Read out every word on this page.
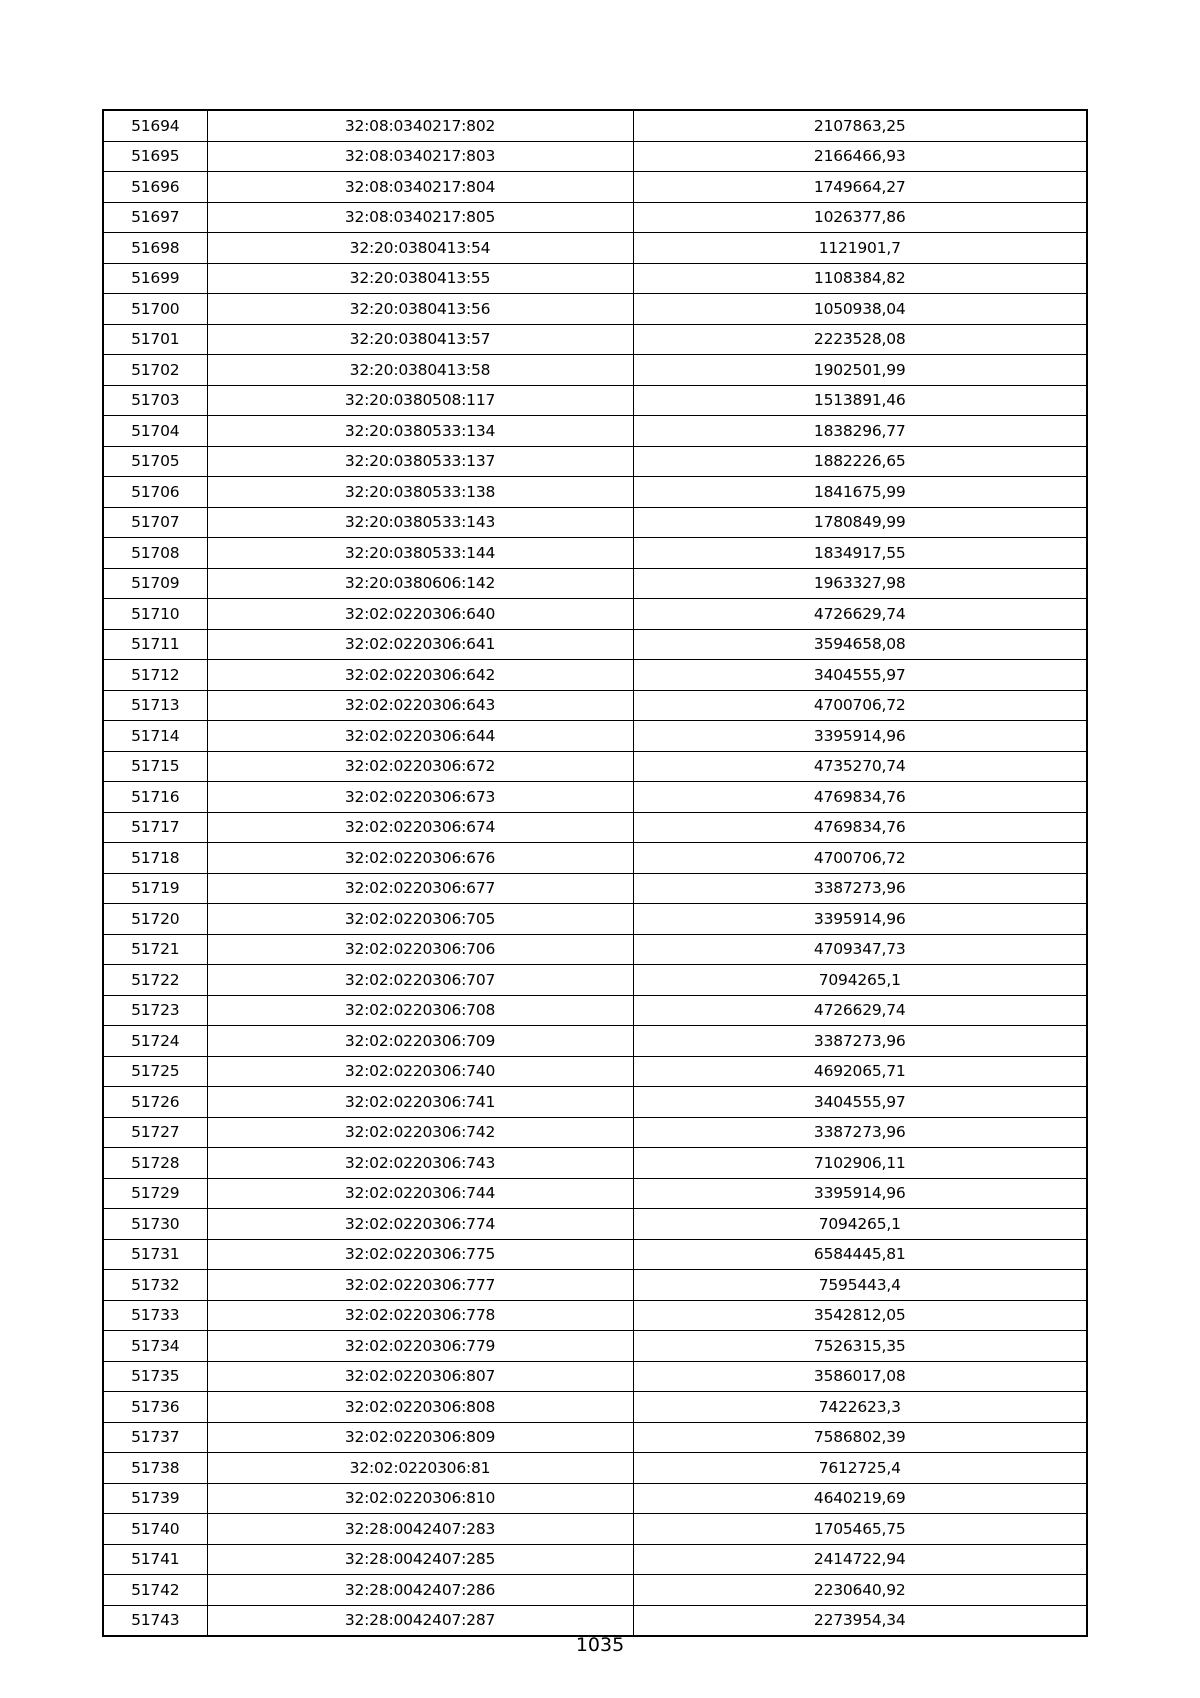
51694	32:08:0340217:802	2107863,25
51695	32:08:0340217:803	2166466,93
51696	32:08:0340217:804	1749664,27
51697	32:08:0340217:805	1026377,86
51698	32:20:0380413:54	1121901,7
51699	32:20:0380413:55	1108384,82
51700	32:20:0380413:56	1050938,04
51701	32:20:0380413:57	2223528,08
51702	32:20:0380413:58	1902501,99
51703	32:20:0380508:117	1513891,46
51704	32:20:0380533:134	1838296,77
51705	32:20:0380533:137	1882226,65
51706	32:20:0380533:138	1841675,99
51707	32:20:0380533:143	1780849,99
51708	32:20:0380533:144	1834917,55
51709	32:20:0380606:142	1963327,98
51710	32:02:0220306:640	4726629,74
51711	32:02:0220306:641	3594658,08
51712	32:02:0220306:642	3404555,97
51713	32:02:0220306:643	4700706,72
51714	32:02:0220306:644	3395914,96
51715	32:02:0220306:672	4735270,74
51716	32:02:0220306:673	4769834,76
51717	32:02:0220306:674	4769834,76
51718	32:02:0220306:676	4700706,72
51719	32:02:0220306:677	3387273,96
51720	32:02:0220306:705	3395914,96
51721	32:02:0220306:706	4709347,73
51722	32:02:0220306:707	7094265,1
51723	32:02:0220306:708	4726629,74
51724	32:02:0220306:709	3387273,96
51725	32:02:0220306:740	4692065,71
51726	32:02:0220306:741	3404555,97
51727	32:02:0220306:742	3387273,96
51728	32:02:0220306:743	7102906,11
51729	32:02:0220306:744	3395914,96
51730	32:02:0220306:774	7094265,1
51731	32:02:0220306:775	6584445,81
51732	32:02:0220306:777	7595443,4
51733	32:02:0220306:778	3542812,05
51734	32:02:0220306:779	7526315,35
51735	32:02:0220306:807	3586017,08
51736	32:02:0220306:808	7422623,3
51737	32:02:0220306:809	7586802,39
51738	32:02:0220306:81	7612725,4
51739	32:02:0220306:810	4640219,69
51740	32:28:0042407:283	1705465,75
51741	32:28:0042407:285	2414722,94
51742	32:28:0042407:286	2230640,92
51743	32:28:0042407:287	2273954,34
1035
